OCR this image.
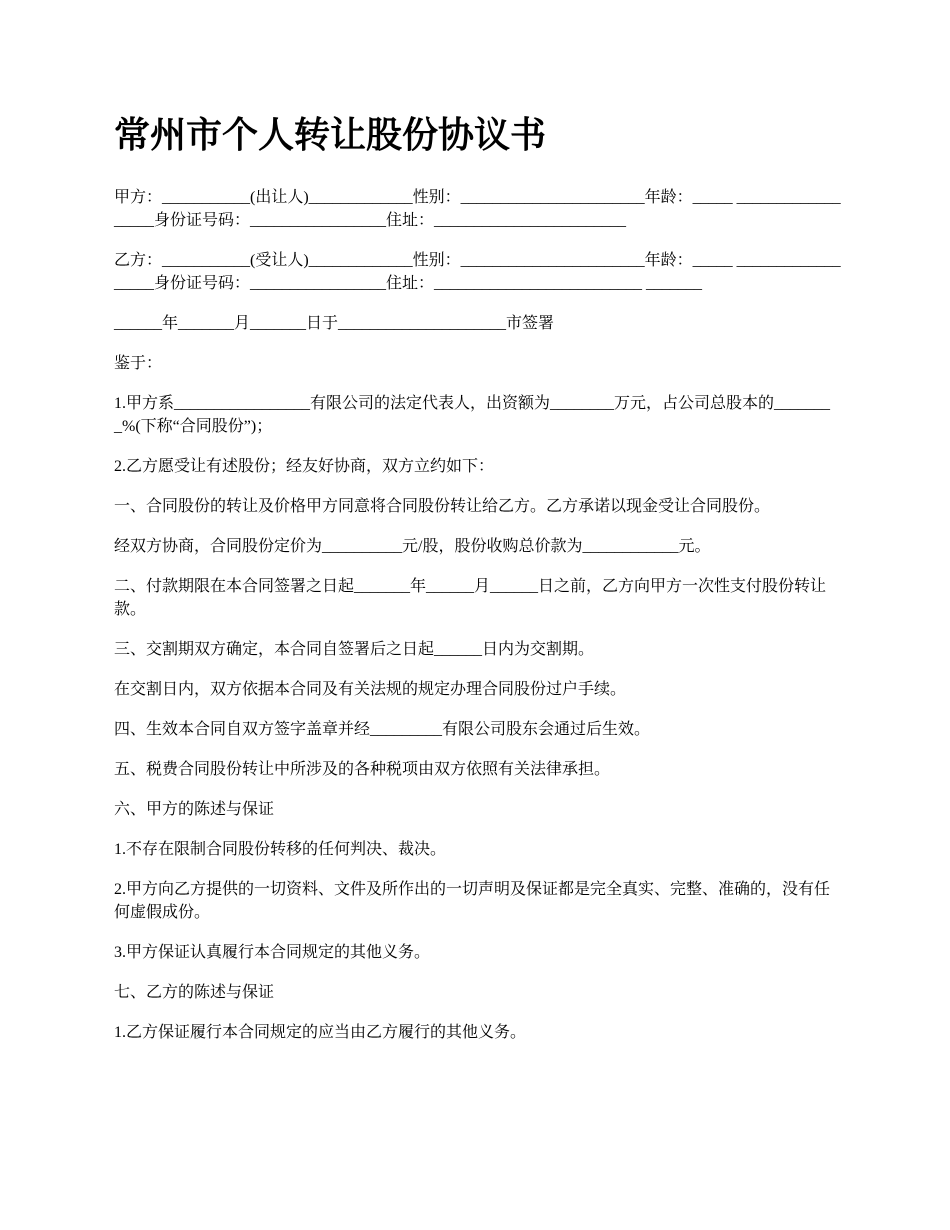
常州市个人转让股份协议书

甲方：___________(出让人)_____________性别：_______________________年龄：_____ __________________身份证号码：_________________住址：________________________

乙方：___________(受让人)_____________性别：_______________________年龄：_____ __________________身份证号码：_________________住址：__________________________ _______

______年_______月_______日于_____________________市签署

鉴于：

1.甲方系_________________有限公司的法定代表人，出资额为________万元，占公司总股本的________%(下称“合同股份”)；

2.乙方愿受让有述股份；经友好协商，双方立约如下：

一、合同股份的转让及价格甲方同意将合同股份转让给乙方。乙方承诺以现金受让合同股份。

经双方协商，合同股份定价为__________元/股，股份收购总价款为____________元。

二、付款期限在本合同签署之日起_______年______月______日之前，乙方向甲方一次性支付股份转让款。

三、交割期双方确定，本合同自签署后之日起______日内为交割期。

在交割日内，双方依据本合同及有关法规的规定办理合同股份过户手续。

四、生效本合同自双方签字盖章并经_________有限公司股东会通过后生效。

五、税费合同股份转让中所涉及的各种税项由双方依照有关法律承担。

六、甲方的陈述与保证

1.不存在限制合同股份转移的任何判决、裁决。

2.甲方向乙方提供的一切资料、文件及所作出的一切声明及保证都是完全真实、完整、准确的，没有任何虚假成份。

3.甲方保证认真履行本合同规定的其他义务。

七、乙方的陈述与保证

1.乙方保证履行本合同规定的应当由乙方履行的其他义务。
